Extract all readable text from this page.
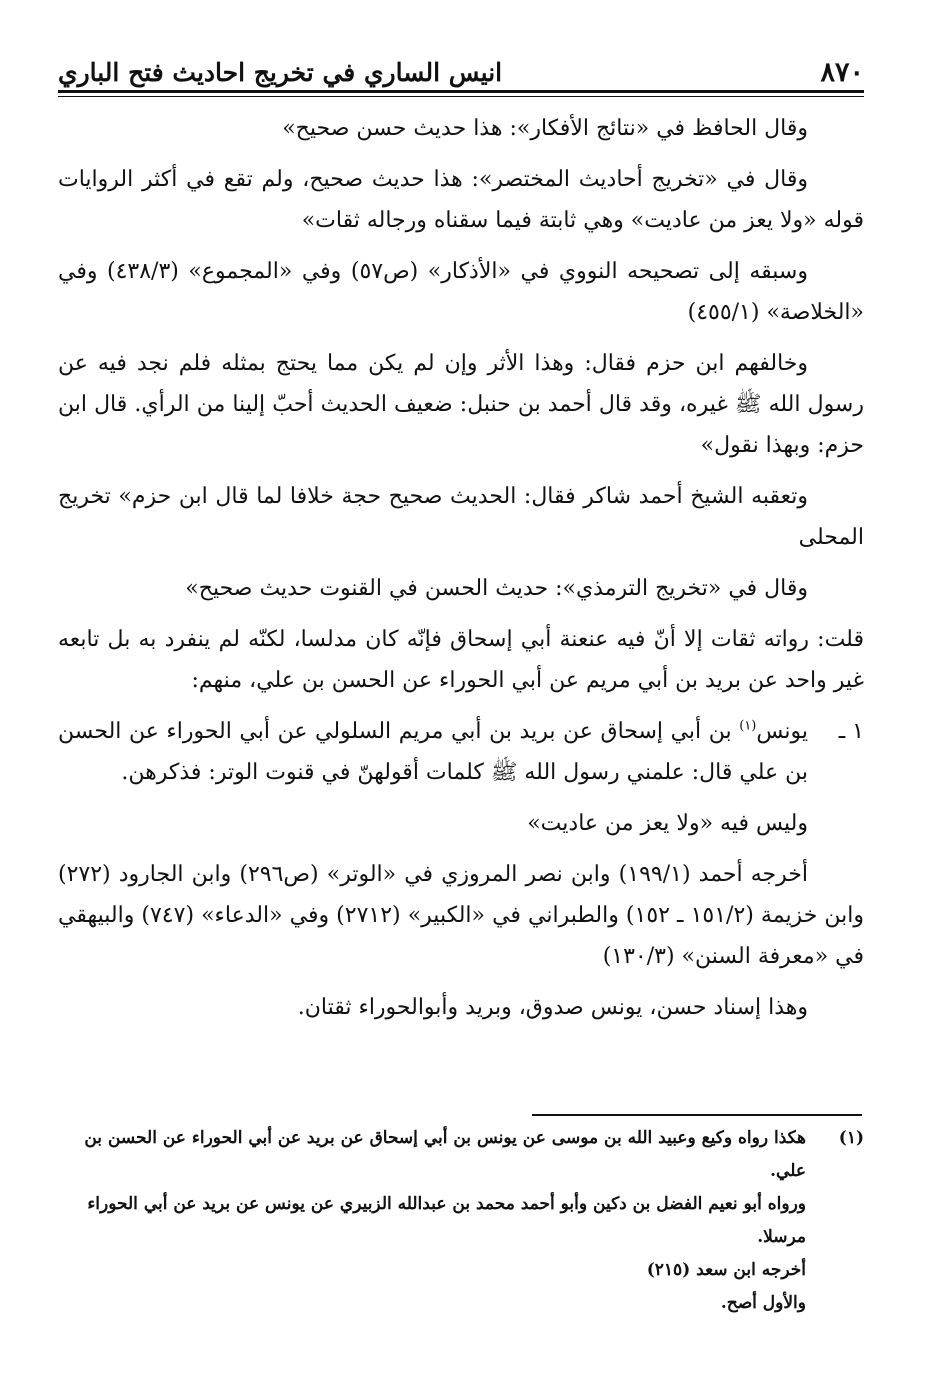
٨٧٠
انيس الساري في تخريج احاديث فتح الباري

وقال الحافظ في «نتائج الأفكار»: هذا حديث حسن صحيح»

وقال في «تخريج أحاديث المختصر»: هذا حديث صحيح، ولم تقع في أكثر الروايات قوله «ولا يعز من عاديت» وهي ثابتة فيما سقناه ورجاله ثقات»

وسبقه إلى تصحيحه النووي في «الأذكار» (ص٥٧) وفي «المجموع» (٤٣٨/٣) وفي «الخلاصة» (٤٥٥/١)

وخالفهم ابن حزم فقال: وهذا الأثر وإن لم يكن مما يحتج بمثله فلم نجد فيه عن رسول الله ﷺ غيره، وقد قال أحمد بن حنبل: ضعيف الحديث أحبّ إلينا من الرأي. قال ابن حزم: وبهذا نقول»

وتعقبه الشيخ أحمد شاكر فقال: الحديث صحيح حجة خلافا لما قال ابن حزم» تخريج المحلى

وقال في «تخريج الترمذي»: حديث الحسن في القنوت حديث صحيح»

قلت: رواته ثقات إلا أنّ فيه عنعنة أبي إسحاق فإنّه كان مدلسا، لكنّه لم ينفرد به بل تابعه غير واحد عن بريد بن أبي مريم عن أبي الحوراء عن الحسن بن علي، منهم:

١ ـ

يونس$^{(١)}$ بن أبي إسحاق عن بريد بن أبي مريم السلولي عن أبي الحوراء عن الحسن بن علي قال: علمني رسول الله ﷺ كلمات أقولهنّ في قنوت الوتر: فذكرهن.

وليس فيه «ولا يعز من عاديت»

أخرجه أحمد (١٩٩/١) وابن نصر المروزي في «الوتر» (ص٢٩٦) وابن الجارود (٢٧٢) وابن خزيمة (١٥١/٢ ـ ١٥٢) والطبراني في «الكبير» (٢٧١٢) وفي «الدعاء» (٧٤٧) والبيهقي في «معرفة السنن» (١٣٠/٣)

وهذا إسناد حسن، يونس صدوق، وبريد وأبوالحوراء ثقتان.

(١)

هكذا رواه وكيع وعبيد الله بن موسى عن يونس بن أبي إسحاق عن بريد عن أبي الحوراء عن الحسن بن علي.

ورواه أبو نعيم الفضل بن دكين وأبو أحمد محمد بن عبدالله الزبيري عن يونس عن بريد عن أبي الحوراء مرسلا.

أخرجه ابن سعد (٢١٥)

والأول أصح.
